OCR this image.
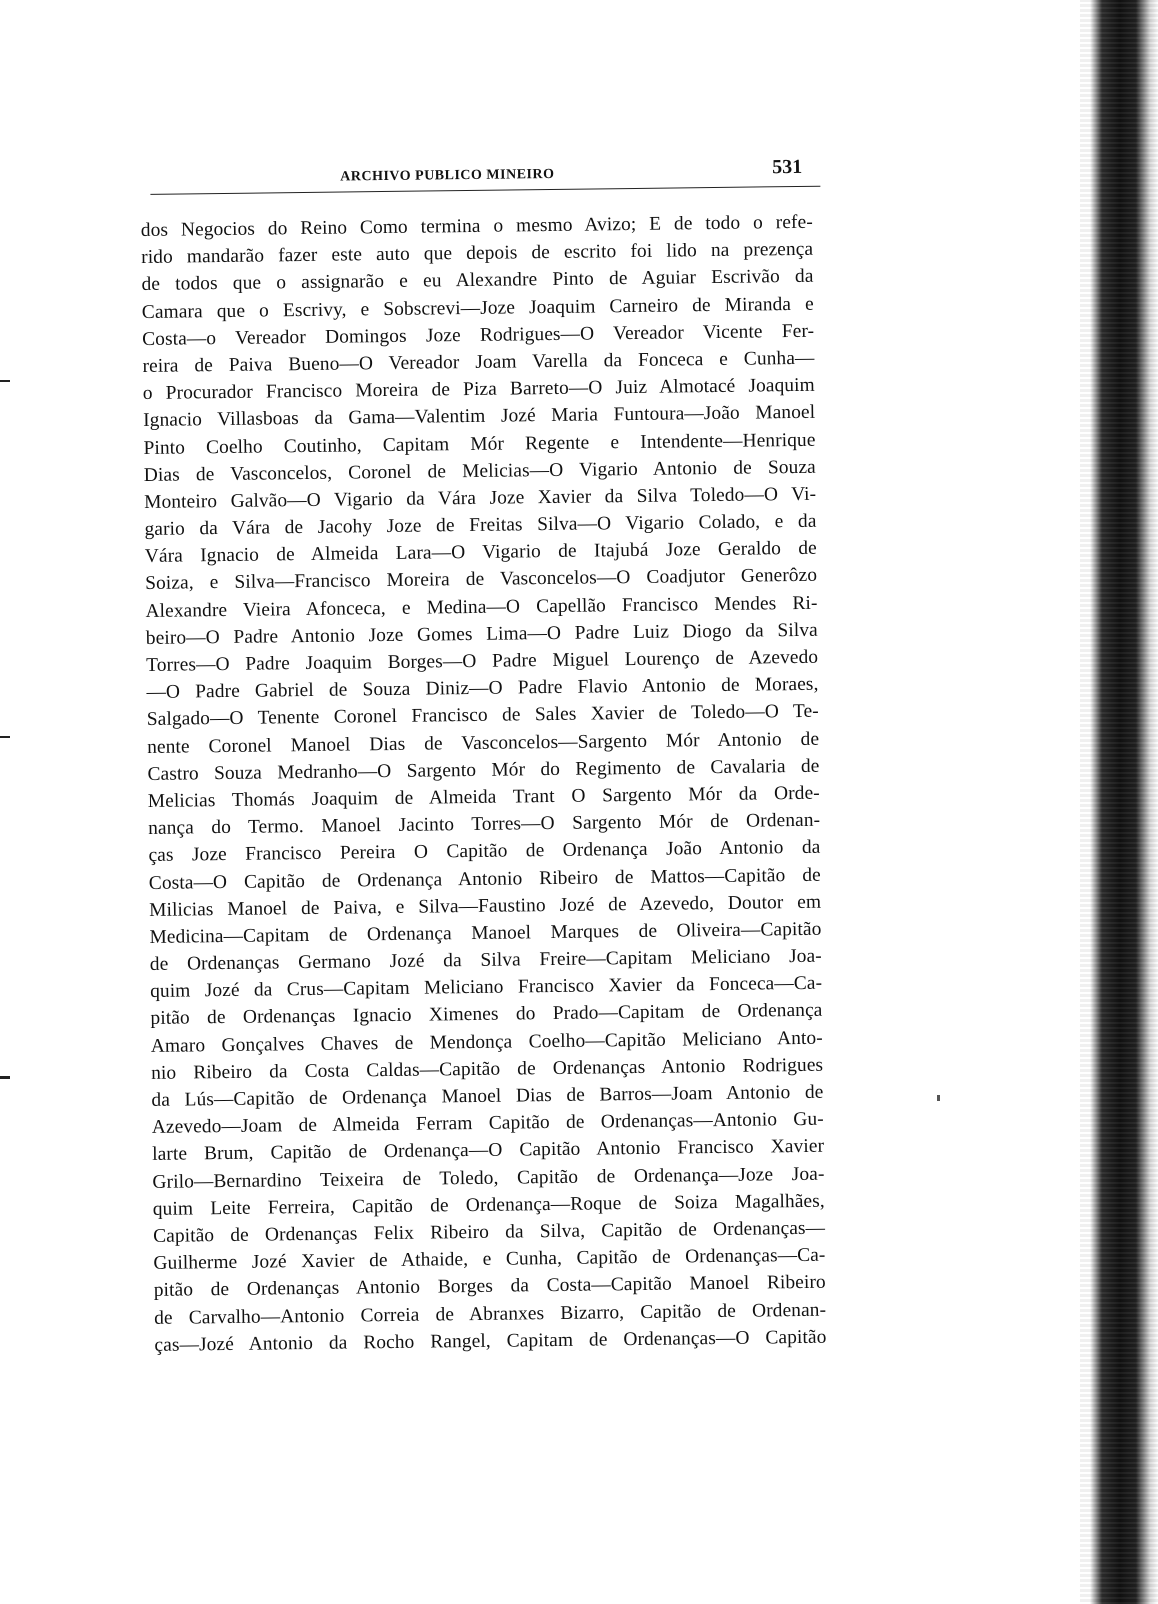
ARCHIVO PUBLICO MINEIRO	531
dos Negocios do Reino Como termina o mesmo Avizo; E de todo o refe-
rido mandarão fazer este auto que depois de escrito foi lido na prezença
de todos que o assignarão e eu Alexandre Pinto de Aguiar Escrivão da
Camara que o Escrivy, e Sobscrevi—Joze Joaquim Carneiro de Miranda e
Costa—o Vereador Domingos Joze Rodrigues—O Vereador Vicente Fer-
reira de Paiva Bueno—O Vereador Joam Varella da Fonceca e Cunha—
o Procurador Francisco Moreira de Piza Barreto—O Juiz Almotacé Joaquim
Ignacio Villasboas da Gama—Valentim Jozé Maria Funtoura—João Manoel
Pinto Coelho Coutinho, Capitam Mór Regente e Intendente—Henrique
Dias de Vasconcelos, Coronel de Melicias—O Vigario Antonio de Souza
Monteiro Galvão—O Vigario da Vára Joze Xavier da Silva Toledo—O Vi-
gario da Vára de Jacohy Joze de Freitas Silva—O Vigario Colado, e da
Vára Ignacio de Almeida Lara—O Vigario de Itajubá Joze Geraldo de
Soiza, e Silva—Francisco Moreira de Vasconcelos—O Coadjutor Generôzo
Alexandre Vieira Afonceca, e Medina—O Capellão Francisco Mendes Ri-
beiro—O Padre Antonio Joze Gomes Lima—O Padre Luiz Diogo da Silva
Torres—O Padre Joaquim Borges—O Padre Miguel Lourenço de Azevedo
—O Padre Gabriel de Souza Diniz—O Padre Flavio Antonio de Moraes,
Salgado—O Tenente Coronel Francisco de Sales Xavier de Toledo—O Te-
nente Coronel Manoel Dias de Vasconcelos—Sargento Mór Antonio de
Castro Souza Medranho—O Sargento Mór do Regimento de Cavalaria de
Melicias Thomás Joaquim de Almeida Trant O Sargento Mór da Orde-
nança do Termo. Manoel Jacinto Torres—O Sargento Mór de Ordenan-
ças Joze Francisco Pereira O Capitão de Ordenança João Antonio da
Costa—O Capitão de Ordenança Antonio Ribeiro de Mattos—Capitão de
Milicias Manoel de Paiva, e Silva—Faustino Jozé de Azevedo, Doutor em
Medicina—Capitam de Ordenança Manoel Marques de Oliveira—Capitão
de Ordenanças Germano Jozé da Silva Freire—Capitam Meliciano Joa-
quim Jozé da Crus—Capitam Meliciano Francisco Xavier da Fonceca—Ca-
pitão de Ordenanças Ignacio Ximenes do Prado—Capitam de Ordenança
Amaro Gonçalves Chaves de Mendonça Coelho—Capitão Meliciano Anto-
nio Ribeiro da Costa Caldas—Capitão de Ordenanças Antonio Rodrigues
da Lús—Capitão de Ordenança Manoel Dias de Barros—Joam Antonio de
Azevedo—Joam de Almeida Ferram Capitão de Ordenanças—Antonio Gu-
larte Brum, Capitão de Ordenança—O Capitão Antonio Francisco Xavier
Grilo—Bernardino Teixeira de Toledo, Capitão de Ordenança—Joze Joa-
quim Leite Ferreira, Capitão de Ordenança—Roque de Soiza Magalhães,
Capitão de Ordenanças Felix Ribeiro da Silva, Capitão de Ordenanças—
Guilherme Jozé Xavier de Athaide, e Cunha, Capitão de Ordenanças—Ca-
pitão de Ordenanças Antonio Borges da Costa—Capitão Manoel Ribeiro
de Carvalho—Antonio Correia de Abranxes Bizarro, Capitão de Ordenan-
ças—Jozé Antonio da Rocho Rangel, Capitam de Ordenanças—O Capitão
